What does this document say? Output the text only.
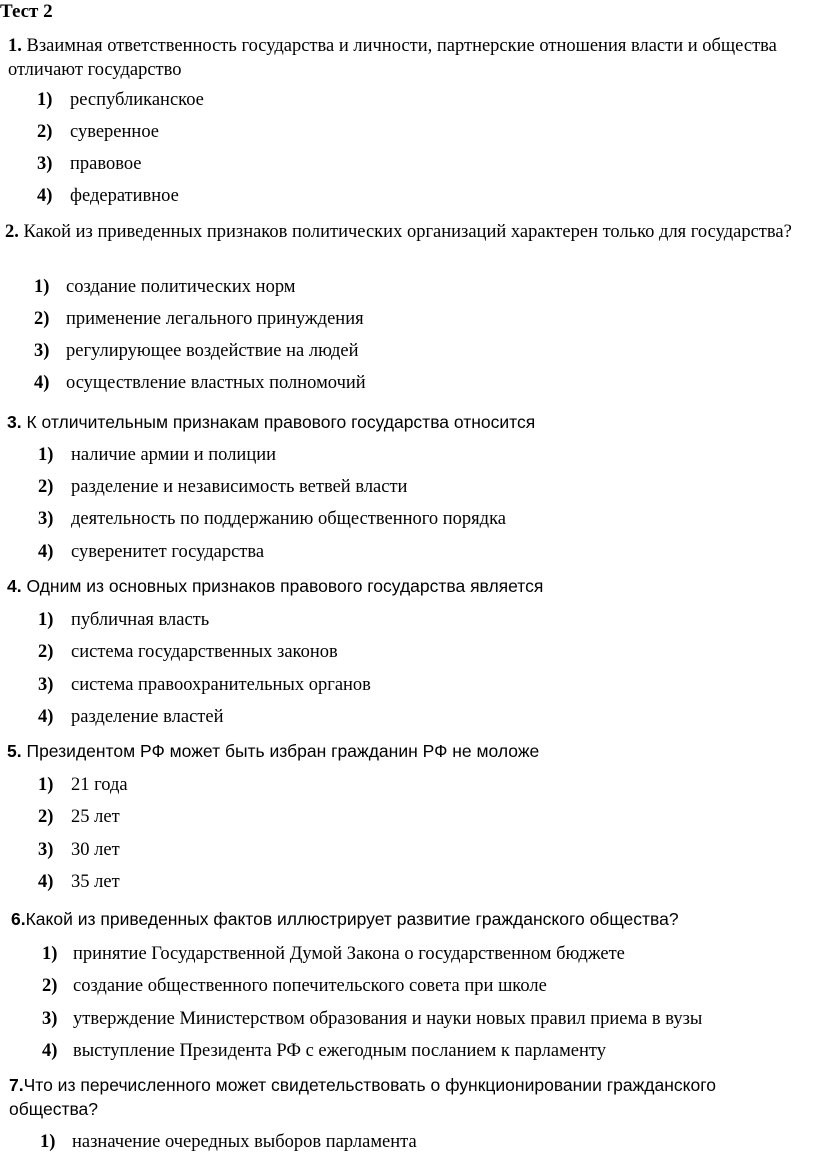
Тест 2
1. Взаимная ответственность государства и личности, партнерские отношения власти и общества отличают государство
1) республиканское
2) суверенное
3) правовое
4) федеративное
2. Какой из приведенных признаков политических организаций характерен только для государства?
1) создание политических норм
2) применение легального принуждения
3) регулирующее воздействие на людей
4) осуществление властных полномочий
3. К отличительным признакам правового государства относится
1) наличие армии и полиции
2) разделение и независимость ветвей власти
3) деятельность по поддержанию общественного порядка
4) суверенитет государства
4. Одним из основных признаков правового государства является
1) публичная власть
2) система государственных законов
3) система правоохранительных органов
4) разделение властей
5. Президентом РФ может быть избран гражданин РФ не моложе
1) 21 года
2) 25 лет
3) 30 лет
4) 35 лет
6.Какой из приведенных фактов иллюстрирует развитие гражданского общества?
1) принятие Государственной Думой Закона о государственном бюджете
2) создание общественного попечительского совета при школе
3) утверждение Министерством образования и науки новых правил приема в вузы
4) выступление Президента РФ с ежегодным посланием к парламенту
7.Что из перечисленного может свидетельствовать о функционировании гражданского общества?
1) назначение очередных выборов парламента
